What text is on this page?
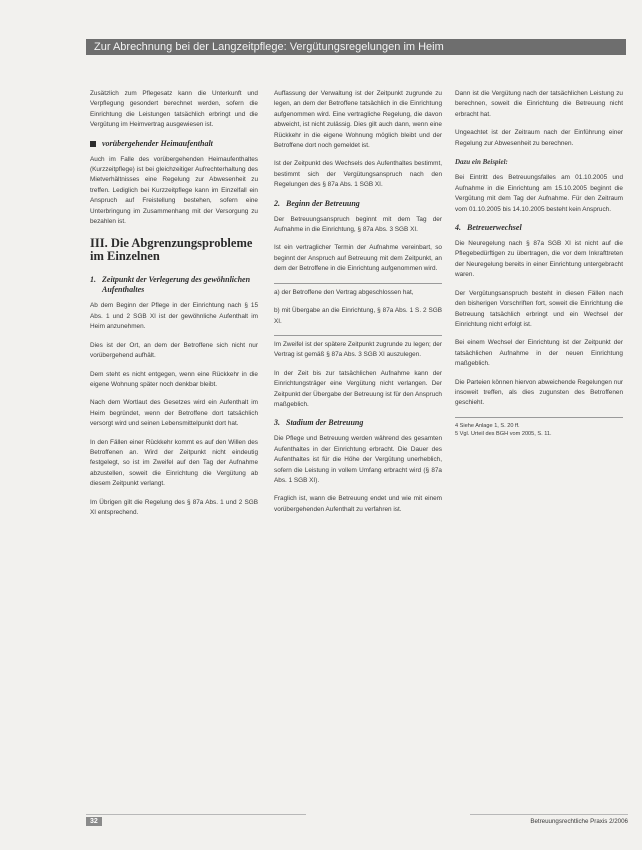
Zur Abrechnung bei der Langzeitpflege: Vergütungsregelungen im Heim

Zusätzlich zum Pflegesatz kann die Unterkunft und Verpflegung gesondert berechnet werden, sofern die Einrichtung die Leistungen tatsächlich erbringt und die Vergütung im Heimvertrag ausgewiesen ist.

vorübergehender Heimaufenthalt

Auch im Falle des vorübergehenden Heimaufenthaltes (Kurzzeitpflege) ist bei gleichzeitiger Aufrechterhaltung des Mietverhältnisses eine Regelung zur Abwesenheit zu treffen. Lediglich bei Kurzzeitpflege kann im Einzelfall ein Anspruch auf Freistellung bestehen, sofern eine Unterbringung im Zusammenhang mit der Versorgung zu bezahlen ist.

III. Die Abgrenzungsprobleme im Einzelnen
1. Zeitpunkt der Verlegerung des gewöhnlichen Aufenthaltes

Ab dem Beginn der Pflege in der Einrichtung nach § 15 Abs. 1 und 2 SGB XI ist der gewöhnliche Aufenthalt im Heim anzunehmen.

Dies ist der Ort, an dem der Betroffene sich nicht nur vorübergehend aufhält.

Dem steht es nicht entgegen, wenn eine Rückkehr in die eigene Wohnung später noch denkbar bleibt.

Nach dem Wortlaut des Gesetzes wird ein Aufenthalt im Heim begründet, wenn der Betroffene dort tatsächlich versorgt wird und seinen Lebensmittelpunkt dort hat.

In den Fällen einer Rückkehr kommt es auf den Willen des Betroffenen an. Wird der Zeitpunkt nicht eindeutig festgelegt, so ist im Zweifel auf den Tag der Aufnahme abzustellen, soweit die Einrichtung die Vergütung ab diesem Zeitpunkt verlangt.

Im Übrigen gilt die Regelung des § 87a Abs. 1 und 2 SGB XI entsprechend.

Auffassung der Verwaltung ist der Zeitpunkt zugrunde zu legen, an dem der Betroffene tatsächlich in die Einrichtung aufgenommen wird. Eine vertragliche Regelung, die davon abweicht, ist nicht zulässig. Dies gilt auch dann, wenn eine Rückkehr in die eigene Wohnung möglich bleibt und der Betroffene dort noch gemeldet ist.

Ist der Zeitpunkt des Wechsels des Aufenthaltes bestimmt, bestimmt sich der Vergütungsanspruch nach den Regelungen des § 87a Abs. 1 SGB XI.

2. Beginn der Betreuung

Der Betreuungsanspruch beginnt mit dem Tag der Aufnahme in die Einrichtung, § 87a Abs. 3 SGB XI.

Ist ein vertraglicher Termin der Aufnahme vereinbart, so beginnt der Anspruch auf Betreuung mit dem Zeitpunkt, an dem der Betroffene in die Einrichtung aufgenommen wird.

a) der Betroffene den Vertrag abgeschlossen hat,

b) mit Übergabe an die Einrichtung, § 87a Abs. 1 S. 2 SGB XI.

Im Zweifel ist der spätere Zeitpunkt zugrunde zu legen; der Vertrag ist gemäß § 87a Abs. 3 SGB XI auszulegen.

In der Zeit bis zur tatsächlichen Aufnahme kann der Einrichtungsträger eine Vergütung nicht verlangen. Der Zeitpunkt der Übergabe der Betreuung ist für den Anspruch maßgeblich.

3. Stadium der Betreuung

Die Pflege und Betreuung werden während des gesamten Aufenthaltes in der Einrichtung erbracht. Die Dauer des Aufenthaltes ist für die Höhe der Vergütung unerheblich, sofern die Leistung in vollem Umfang erbracht wird (§ 87a Abs. 1 SGB XI).

Fraglich ist, wann die Betreuung endet und wie mit einem vorübergehenden Aufenthalt zu verfahren ist.

Dann ist die Vergütung nach der tatsächlichen Leistung zu berechnen, soweit die Einrichtung die Betreuung nicht erbracht hat.

Ungeachtet ist der Zeitraum nach der Einführung einer Regelung zur Abwesenheit zu berechnen.

Dazu ein Beispiel:

Bei Eintritt des Betreuungsfalles am 01.10.2005 und Aufnahme in die Einrichtung am 15.10.2005 beginnt die Vergütung mit dem Tag der Aufnahme. Für den Zeitraum vom 01.10.2005 bis 14.10.2005 besteht kein Anspruch.

4. Betreuerwechsel

Die Neuregelung nach § 87a SGB XI ist nicht auf die Pflegebedürftigen zu übertragen, die vor dem Inkrafttreten der Neuregelung bereits in einer Einrichtung untergebracht waren.

Der Vergütungsanspruch besteht in diesen Fällen nach den bisherigen Vorschriften fort, soweit die Einrichtung die Betreuung tatsächlich erbringt und ein Wechsel der Einrichtung nicht erfolgt ist.

Bei einem Wechsel der Einrichtung ist der Zeitpunkt der tatsächlichen Aufnahme in der neuen Einrichtung maßgeblich.

Die Parteien können hiervon abweichende Regelungen nur insoweit treffen, als dies zugunsten des Betroffenen geschieht.

4 Siehe Anlage 1, S. 20 ff.
5 Vgl. Urteil des BGH vom 2005, S. 11.
32	Betreuungsrechtliche Praxis 2/2006
